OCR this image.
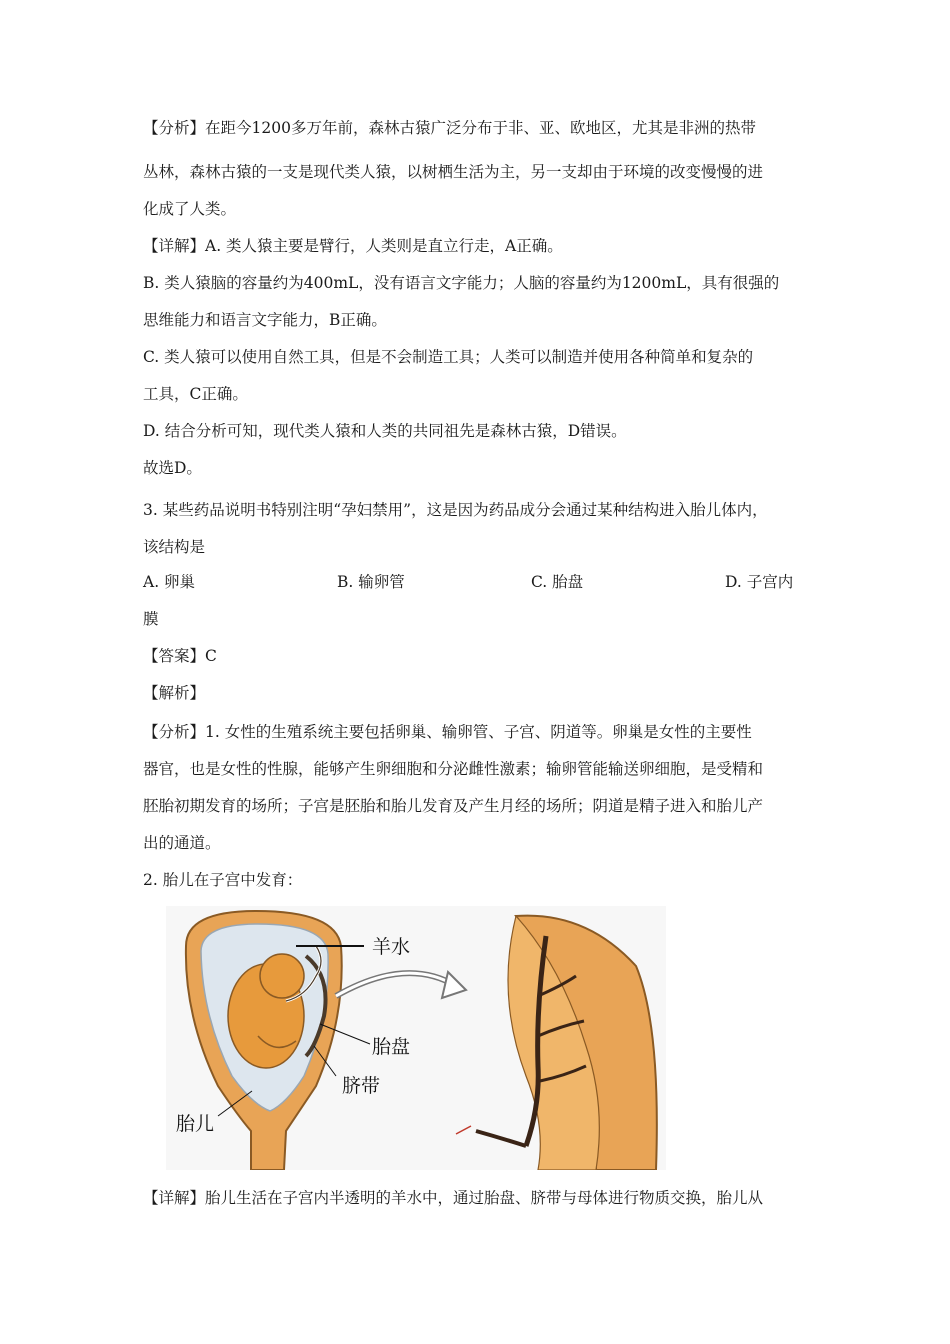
【分析】在距今1200多万年前，森林古猿广泛分布于非、亚、欧地区，尤其是非洲的热带

丛林，森林古猿的一支是现代类人猿，以树栖生活为主，另一支却由于环境的改变慢慢的进

化成了人类。

【详解】A. 类人猿主要是臂行，人类则是直立行走，A正确。

B. 类人猿脑的容量约为400mL，没有语言文字能力；人脑的容量约为1200mL，具有很强的

思维能力和语言文字能力，B正确。

C. 类人猿可以使用自然工具，但是不会制造工具；人类可以制造并使用各种简单和复杂的

工具，C正确。

D. 结合分析可知，现代类人猿和人类的共同祖先是森林古猿，D错误。

故选D。

3. 某些药品说明书特别注明“孕妇禁用”，这是因为药品成分会通过某种结构进入胎儿体内，

该结构是

A. 卵巢	B. 输卵管	C. 胎盘	D. 子宫内
膜

【答案】C

【解析】

【分析】1. 女性的生殖系统主要包括卵巢、输卵管、子宫、阴道等。卵巢是女性的主要性

器官，也是女性的性腺，能够产生卵细胞和分泌雌性激素；输卵管能输送卵细胞，是受精和

胚胎初期发育的场所；子宫是胚胎和胎儿发育及产生月经的场所；阴道是精子进入和胎儿产

出的通道。

2. 胎儿在子宫中发育：

羊水
胎盘
脐带
胎儿

【详解】胎儿生活在子宫内半透明的羊水中，通过胎盘、脐带与母体进行物质交换，胎儿从
